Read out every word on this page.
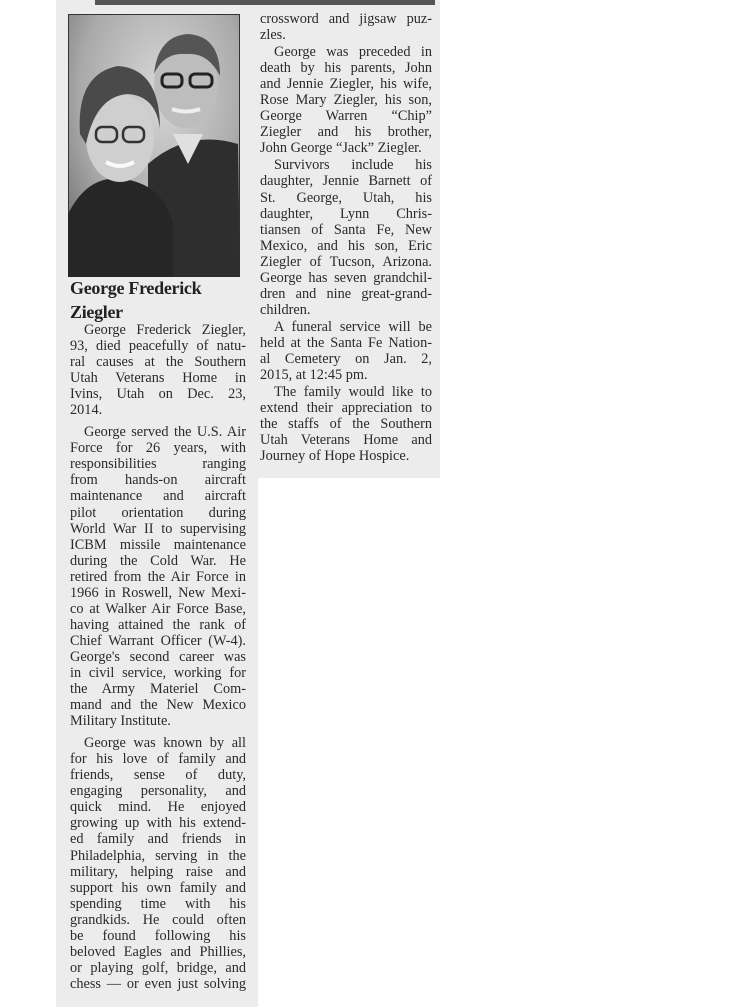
George Frederick
Ziegler
George Frederick Ziegler,
93, died peacefully of natu-
ral causes at the Southern
Utah Veterans Home in
Ivins, Utah on Dec. 23,
2014.
George served the U.S. Air
Force for 26 years, with
responsibilities ranging
from hands-on aircraft
maintenance and aircraft
pilot orientation during
World War II to supervising
ICBM missile maintenance
during the Cold War. He
retired from the Air Force in
1966 in Roswell, New Mexi-
co at Walker Air Force Base,
having attained the rank of
Chief Warrant Officer (W-4).
George's second career was
in civil service, working for
the Army Materiel Com-
mand and the New Mexico
Military Institute.
George was known by all
for his love of family and
friends, sense of duty,
engaging personality, and
quick mind. He enjoyed
growing up with his extend-
ed family and friends in
Philadelphia, serving in the
military, helping raise and
support his own family and
spending time with his
grandkids. He could often
be found following his
beloved Eagles and Phillies,
or playing golf, bridge, and
chess — or even just solving
crossword and jigsaw puz-
zles.
George was preceded in
death by his parents, John
and Jennie Ziegler, his wife,
Rose Mary Ziegler, his son,
George Warren “Chip”
Ziegler and his brother,
John George “Jack” Ziegler.
Survivors include his
daughter, Jennie Barnett of
St. George, Utah, his
daughter, Lynn Chris-
tiansen of Santa Fe, New
Mexico, and his son, Eric
Ziegler of Tucson, Arizona.
George has seven grandchil-
dren and nine great-grand-
children.
A funeral service will be
held at the Santa Fe Nation-
al Cemetery on Jan. 2,
2015, at 12:45 pm.
The family would like to
extend their appreciation to
the staffs of the Southern
Utah Veterans Home and
Journey of Hope Hospice.
